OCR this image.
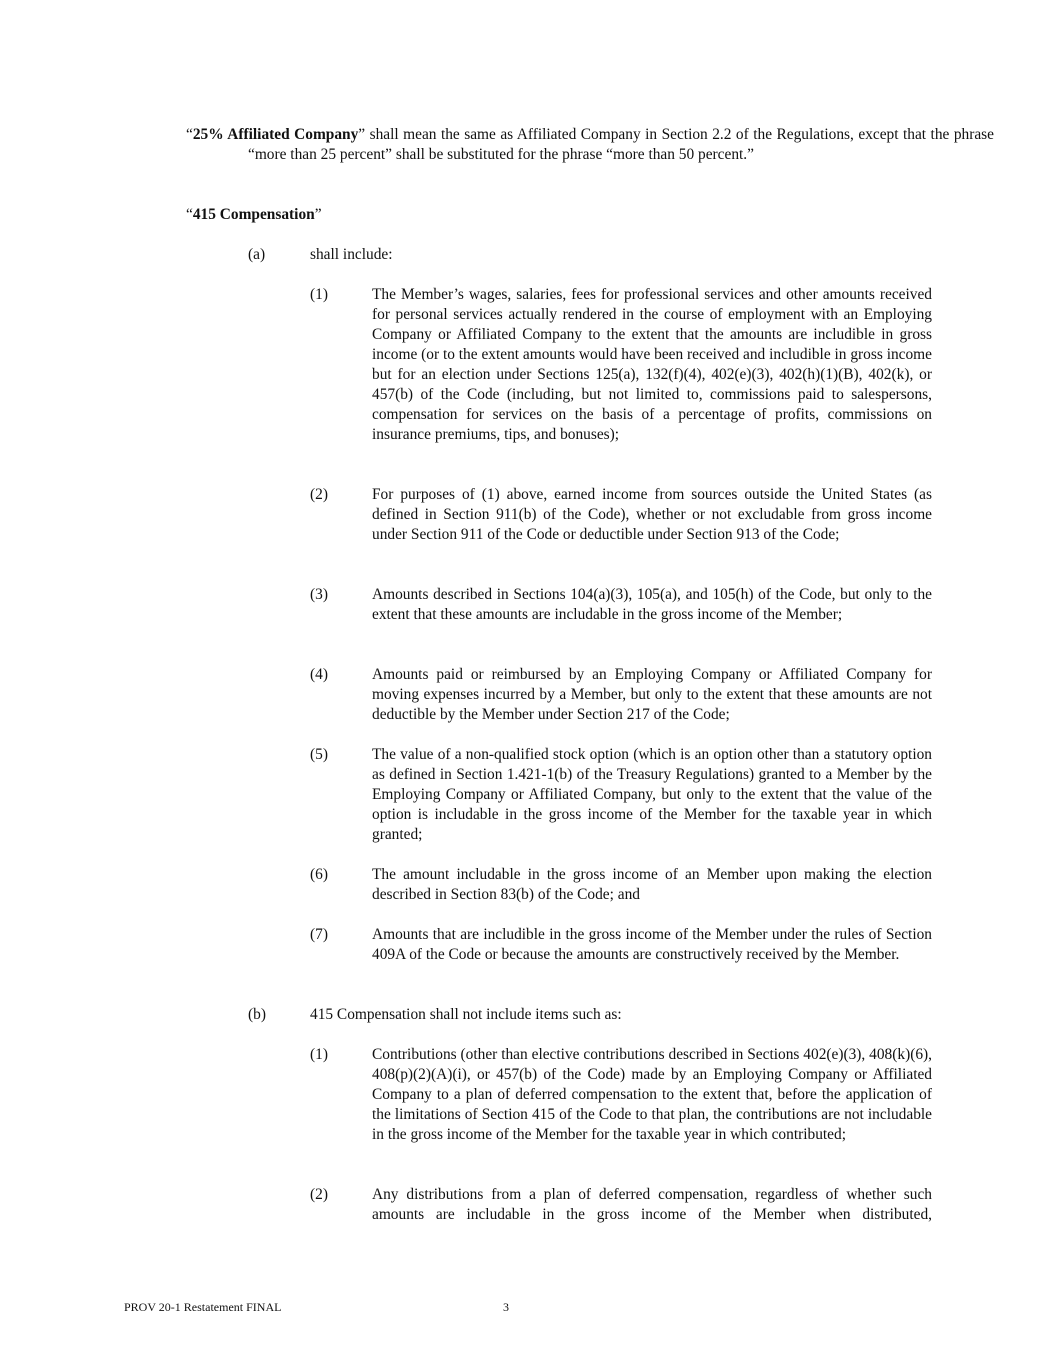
“25% Affiliated Company” shall mean the same as Affiliated Company in Section 2.2 of the Regulations, except that the phrase “more than 25 percent” shall be substituted for the phrase “more than 50 percent.”

“415 Compensation”

(a)	shall include:
(1)	The Member’s wages, salaries, fees for professional services and other amounts received for personal services actually rendered in the course of employment with an Employing Company or Affiliated Company to the extent that the amounts are includible in gross income (or to the extent amounts would have been received and includible in gross income but for an election under Sections 125(a), 132(f)(4), 402(e)(3), 402(h)(1)(B), 402(k), or 457(b) of the Code (including, but not limited to, commissions paid to salespersons, compensation for services on the basis of a percentage of profits, commissions on insurance premiums, tips, and bonuses);
(2)	For purposes of (1) above, earned income from sources outside the United States (as defined in Section 911(b) of the Code), whether or not excludable from gross income under Section 911 of the Code or deductible under Section 913 of the Code;
(3)	Amounts described in Sections 104(a)(3), 105(a), and 105(h) of the Code, but only to the extent that these amounts are includable in the gross income of the Member;
(4)	Amounts paid or reimbursed by an Employing Company or Affiliated Company for moving expenses incurred by a Member, but only to the extent that these amounts are not deductible by the Member under Section 217 of the Code;
(5)	The value of a non-qualified stock option (which is an option other than a statutory option as defined in Section 1.421-1(b) of the Treasury Regulations) granted to a Member by the Employing Company or Affiliated Company, but only to the extent that the value of the option is includable in the gross income of the Member for the taxable year in which granted;
(6)	The amount includable in the gross income of an Member upon making the election described in Section 83(b) of the Code; and
(7)	Amounts that are includible in the gross income of the Member under the rules of Section 409A of the Code or because the amounts are constructively received by the Member.
(b)	415 Compensation shall not include items such as:
(1)	Contributions (other than elective contributions described in Sections 402(e)(3), 408(k)(6), 408(p)(2)(A)(i), or 457(b) of the Code) made by an Employing Company or Affiliated Company to a plan of deferred compensation to the extent that, before the application of the limitations of Section 415 of the Code to that plan, the contributions are not includable in the gross income of the Member for the taxable year in which contributed;
(2)	Any distributions from a plan of deferred compensation, regardless of whether such amounts are includable in the gross income of the Member when distributed,
PROV 20-1 Restatement FINAL	3
